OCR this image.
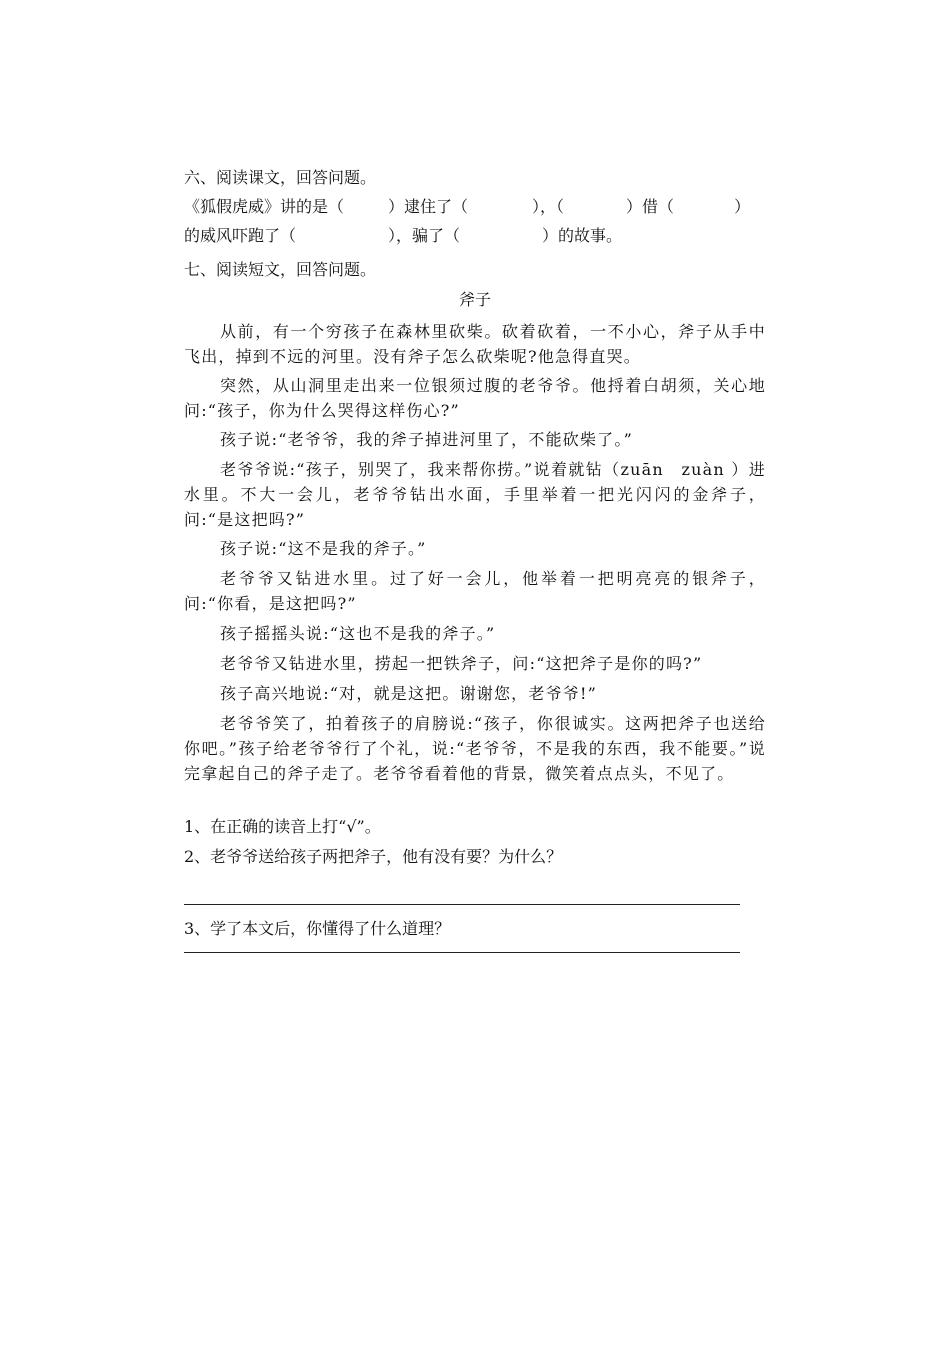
六、阅读课文，回答问题。
《狐假虎威》讲的是（	）逮住了（	），（	）借（	）
的威风吓跑了（	），骗了（	）的故事。
七、阅读短文，回答问题。
斧子
从前，有一个穷孩子在森林里砍柴。砍着砍着，一不小心，斧子从手中飞出，掉到不远的河里。没有斧子怎么砍柴呢?他急得直哭。
突然，从山洞里走出来一位银须过腹的老爷爷。他捋着白胡须，关心地问:“孩子，你为什么哭得这样伤心?”
孩子说:“老爷爷，我的斧子掉进河里了，不能砍柴了。”
老爷爷说:“孩子，别哭了，我来帮你捞。”说着就钻（zuān　zuàn ）进水里。不大一会儿，老爷爷钻出水面，手里举着一把光闪闪的金斧子，问:“是这把吗?”
孩子说:“这不是我的斧子。”
老爷爷又钻进水里。过了好一会儿，他举着一把明亮亮的银斧子，问:“你看，是这把吗?”
孩子摇摇头说:“这也不是我的斧子。”
老爷爷又钻进水里，捞起一把铁斧子，问:“这把斧子是你的吗?”
孩子高兴地说:“对，就是这把。谢谢您，老爷爷!”
老爷爷笑了，拍着孩子的肩膀说:“孩子，你很诚实。这两把斧子也送给你吧。”孩子给老爷爷行了个礼，说:“老爷爷，不是我的东西，我不能要。”说完拿起自己的斧子走了。老爷爷看着他的背景，微笑着点点头，不见了。
1、在正确的读音上打“√”。
2、老爷爷送给孩子两把斧子，他有没有要？为什么？
3、学了本文后，你懂得了什么道理？
